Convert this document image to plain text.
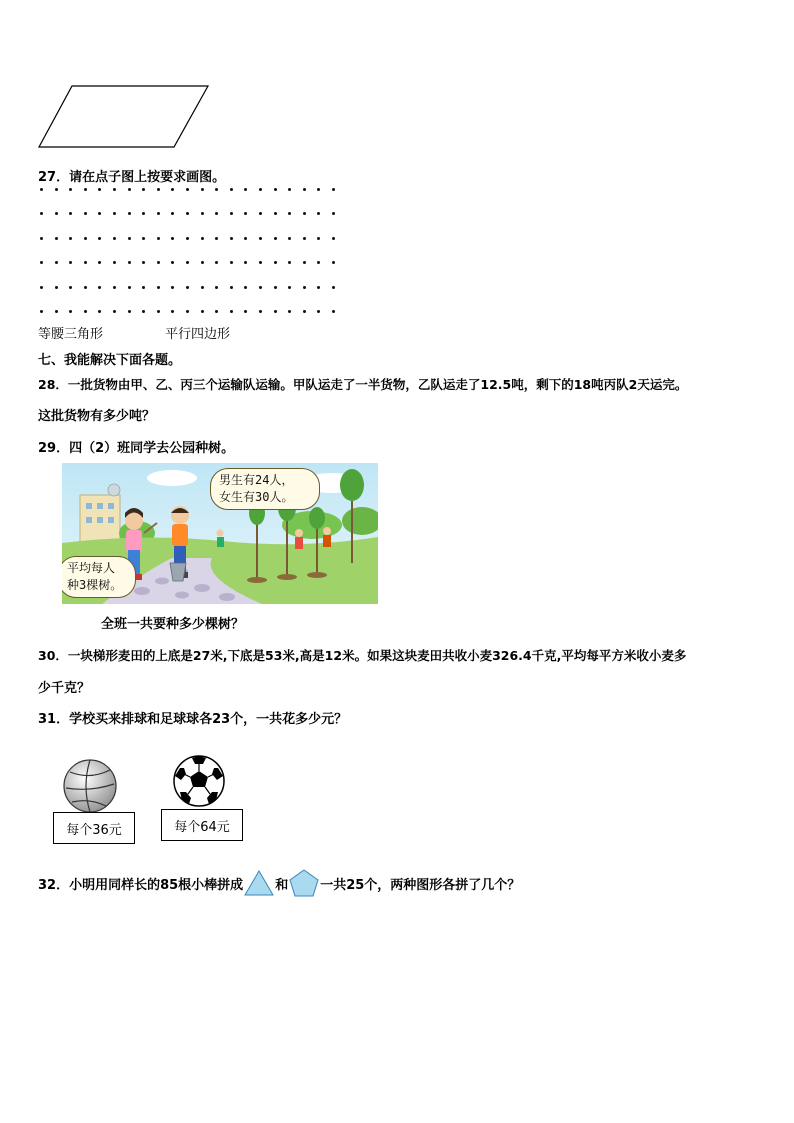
27．请在点子图上按要求画图。
等腰三角形	平行四边形
七、我能解决下面各题。
28．一批货物由甲、乙、丙三个运输队运输。甲队运走了一半货物，乙队运走了12.5吨，剩下的18吨丙队2天运完。
这批货物有多少吨？
29．四（2）班同学去公园种树。
男生有24人，
女生有30人。
平均每人
种3棵树。
全班一共要种多少棵树？
30．一块梯形麦田的上底是27米,下底是53米,高是12米。如果这块麦田共收小麦326.4千克,平均每平方米收小麦多
少千克？
31．学校买来排球和足球球各23个，一共花多少元？
每个36元	每个64元
32．小明用同样长的85根小棒拼成 和 一共25个，两种图形各拼了几个？
